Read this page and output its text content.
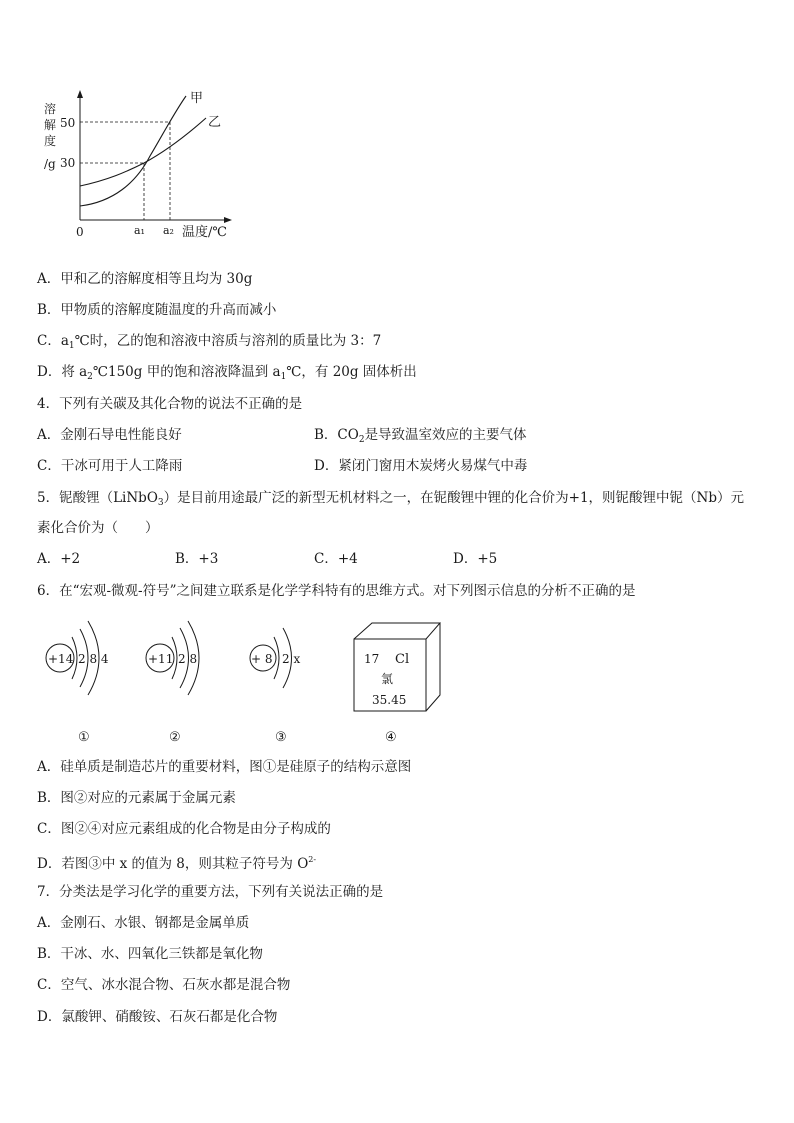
溶
解
度
/g
50
30
0	a₁ a₂ 温度/℃
甲
乙
A．甲和乙的溶解度相等且均为 30g
B．甲物质的溶解度随温度的升高而减小
C．$a_1℃$时，乙的饱和溶液中溶质与溶剂的质量比为 3：7
D．将 $a_2℃150g$ 甲的饱和溶液降温到 $a_1℃$，有 20g 固体析出
4．下列有关碳及其化合物的说法不正确的是
A．金刚石导电性能良好	B．$CO_2$是导致温室效应的主要气体
C．干冰可用于人工降雨	D．紧闭门窗用木炭烤火易煤气中毒
5．铌酸锂（LiNbO$_3$）是目前用途最广泛的新型无机材料之一，在铌酸锂中锂的化合价为+1，则铌酸锂中铌（Nb）元
素化合价为（　　）
A．+2	B．+3	C．+4	D．+5
6．在“宏观-微观-符号”之间建立联系是化学学科特有的思维方式。对下列图示信息的分析不正确的是
+14 2 8 4	+11 2 8	+ 8 2 x	17 Cl
氯
35.45
①	②	③	④
A．硅单质是制造芯片的重要材料，图①是硅原子的结构示意图
B．图②对应的元素属于金属元素
C．图②④对应元素组成的化合物是由分子构成的
D．若图③中 x 的值为 8，则其粒子符号为 $O^{2-}$
7．分类法是学习化学的重要方法，下列有关说法正确的是
A．金刚石、水银、钢都是金属单质
B．干冰、水、四氧化三铁都是氧化物
C．空气、冰水混合物、石灰水都是混合物
D．氯酸钾、硝酸铵、石灰石都是化合物
